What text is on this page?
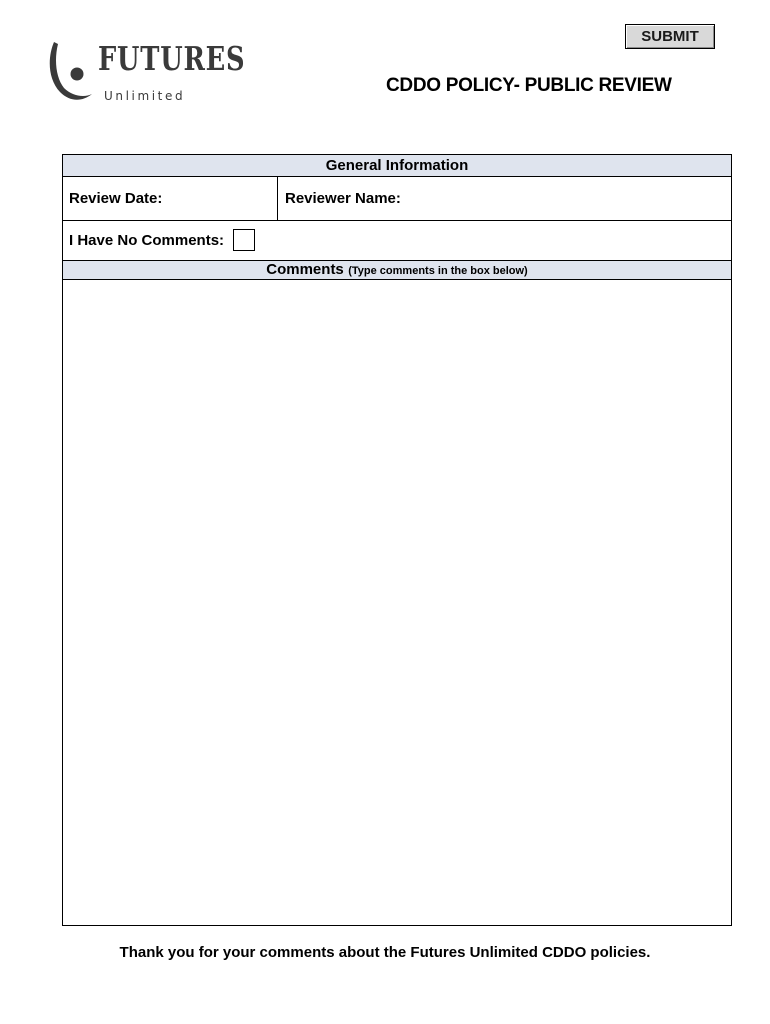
SUBMIT
FUTURES
Unlimited	CDDO POLICY- PUBLIC REVIEW
General Information
Review Date:	Reviewer Name:
I Have No Comments:
Comments (Type comments in the box below)
Thank you for your comments about the Futures Unlimited CDDO policies.
